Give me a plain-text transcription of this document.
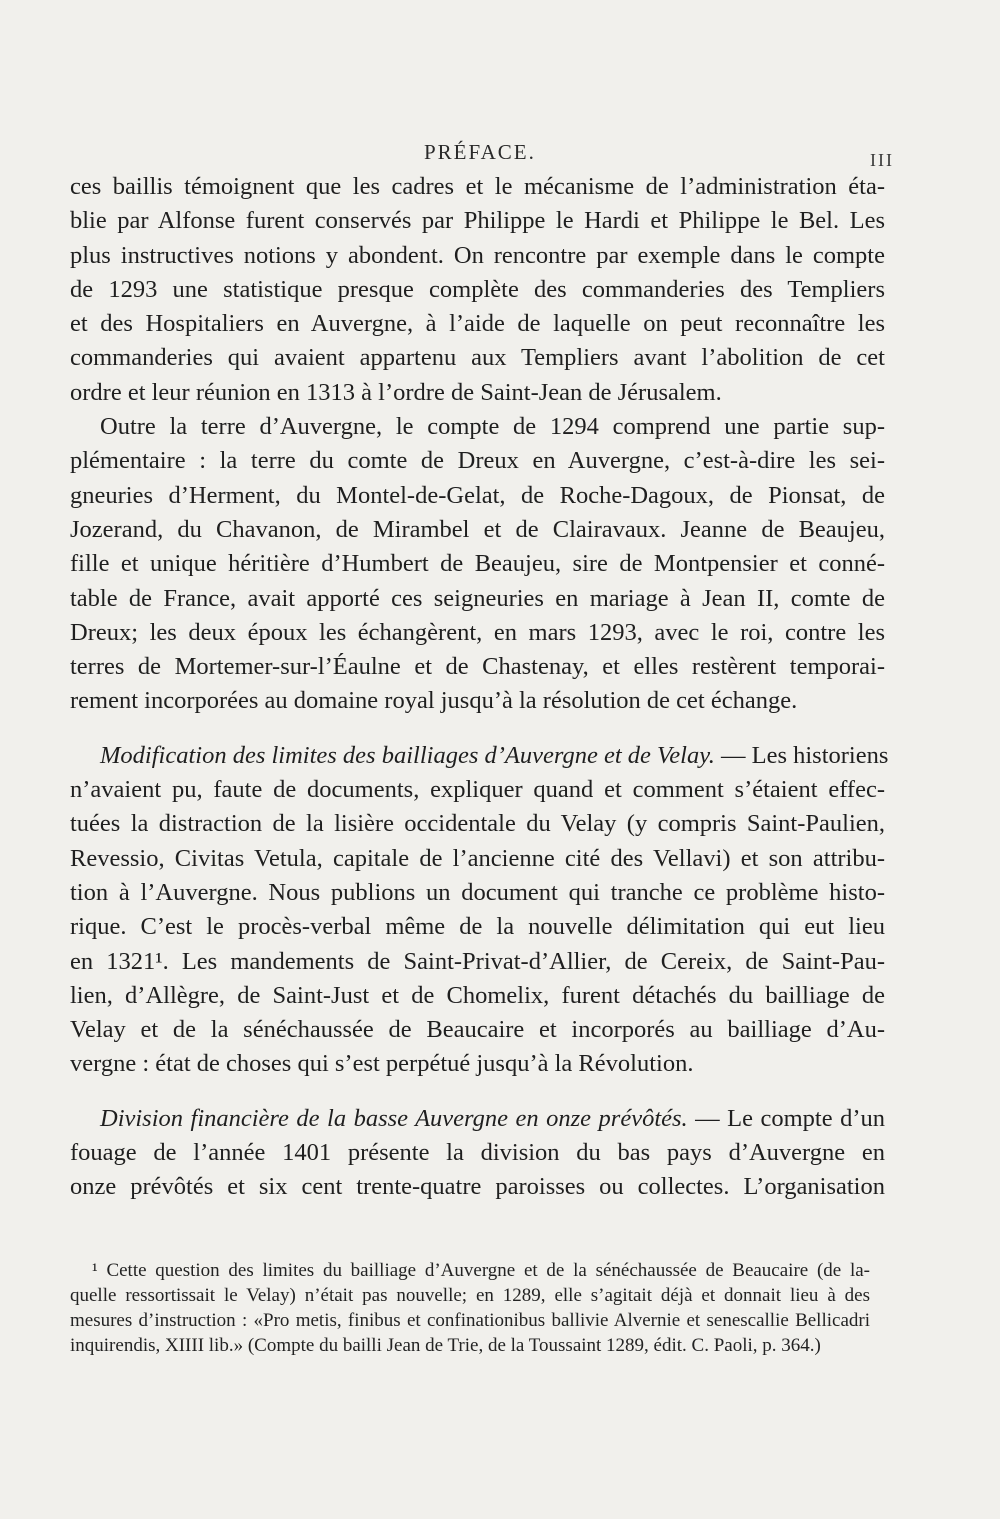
PRÉFACE.	III
ces baillis témoignent que les cadres et le mécanisme de l’administration éta-
blie par Alfonse furent conservés par Philippe le Hardi et Philippe le Bel. Les
plus instructives notions y abondent. On rencontre par exemple dans le compte
de 1293 une statistique presque complète des commanderies des Templiers
et des Hospitaliers en Auvergne, à l’aide de laquelle on peut reconnaître les
commanderies qui avaient appartenu aux Templiers avant l’abolition de cet
ordre et leur réunion en 1313 à l’ordre de Saint-Jean de Jérusalem.
Outre la terre d’Auvergne, le compte de 1294 comprend une partie sup-
plémentaire : la terre du comte de Dreux en Auvergne, c’est-à-dire les sei-
gneuries d’Herment, du Montel-de-Gelat, de Roche-Dagoux, de Pionsat, de
Jozerand, du Chavanon, de Mirambel et de Clairavaux. Jeanne de Beaujeu,
fille et unique héritière d’Humbert de Beaujeu, sire de Montpensier et conné-
table de France, avait apporté ces seigneuries en mariage à Jean II, comte de
Dreux; les deux époux les échangèrent, en mars 1293, avec le roi, contre les
terres de Mortemer-sur-l’Éaulne et de Chastenay, et elles restèrent temporai-
rement incorporées au domaine royal jusqu’à la résolution de cet échange.
Modification des limites des bailliages d’Auvergne et de Velay. — Les historiens
n’avaient pu, faute de documents, expliquer quand et comment s’étaient effec-
tuées la distraction de la lisière occidentale du Velay (y compris Saint-Paulien,
Revessio, Civitas Vetula, capitale de l’ancienne cité des Vellavi) et son attribu-
tion à l’Auvergne. Nous publions un document qui tranche ce problème histo-
rique. C’est le procès-verbal même de la nouvelle délimitation qui eut lieu
en 1321¹. Les mandements de Saint-Privat-d’Allier, de Cereix, de Saint-Pau-
lien, d’Allègre, de Saint-Just et de Chomelix, furent détachés du bailliage de
Velay et de la sénéchaussée de Beaucaire et incorporés au bailliage d’Au-
vergne : état de choses qui s’est perpétué jusqu’à la Révolution.
Division financière de la basse Auvergne en onze prévôtés. — Le compte d’un
fouage de l’année 1401 présente la division du bas pays d’Auvergne en
onze prévôtés et six cent trente-quatre paroisses ou collectes. L’organisation
¹ Cette question des limites du bailliage d’Auvergne et de la sénéchaussée de Beaucaire (de la-
quelle ressortissait le Velay) n’était pas nouvelle; en 1289, elle s’agitait déjà et donnait lieu à des
mesures d’instruction : «Pro metis, finibus et confinationibus ballivie Alvernie et senescallie Bellicadri
inquirendis, XIIII lib.» (Compte du bailli Jean de Trie, de la Toussaint 1289, édit. C. Paoli, p. 364.)
